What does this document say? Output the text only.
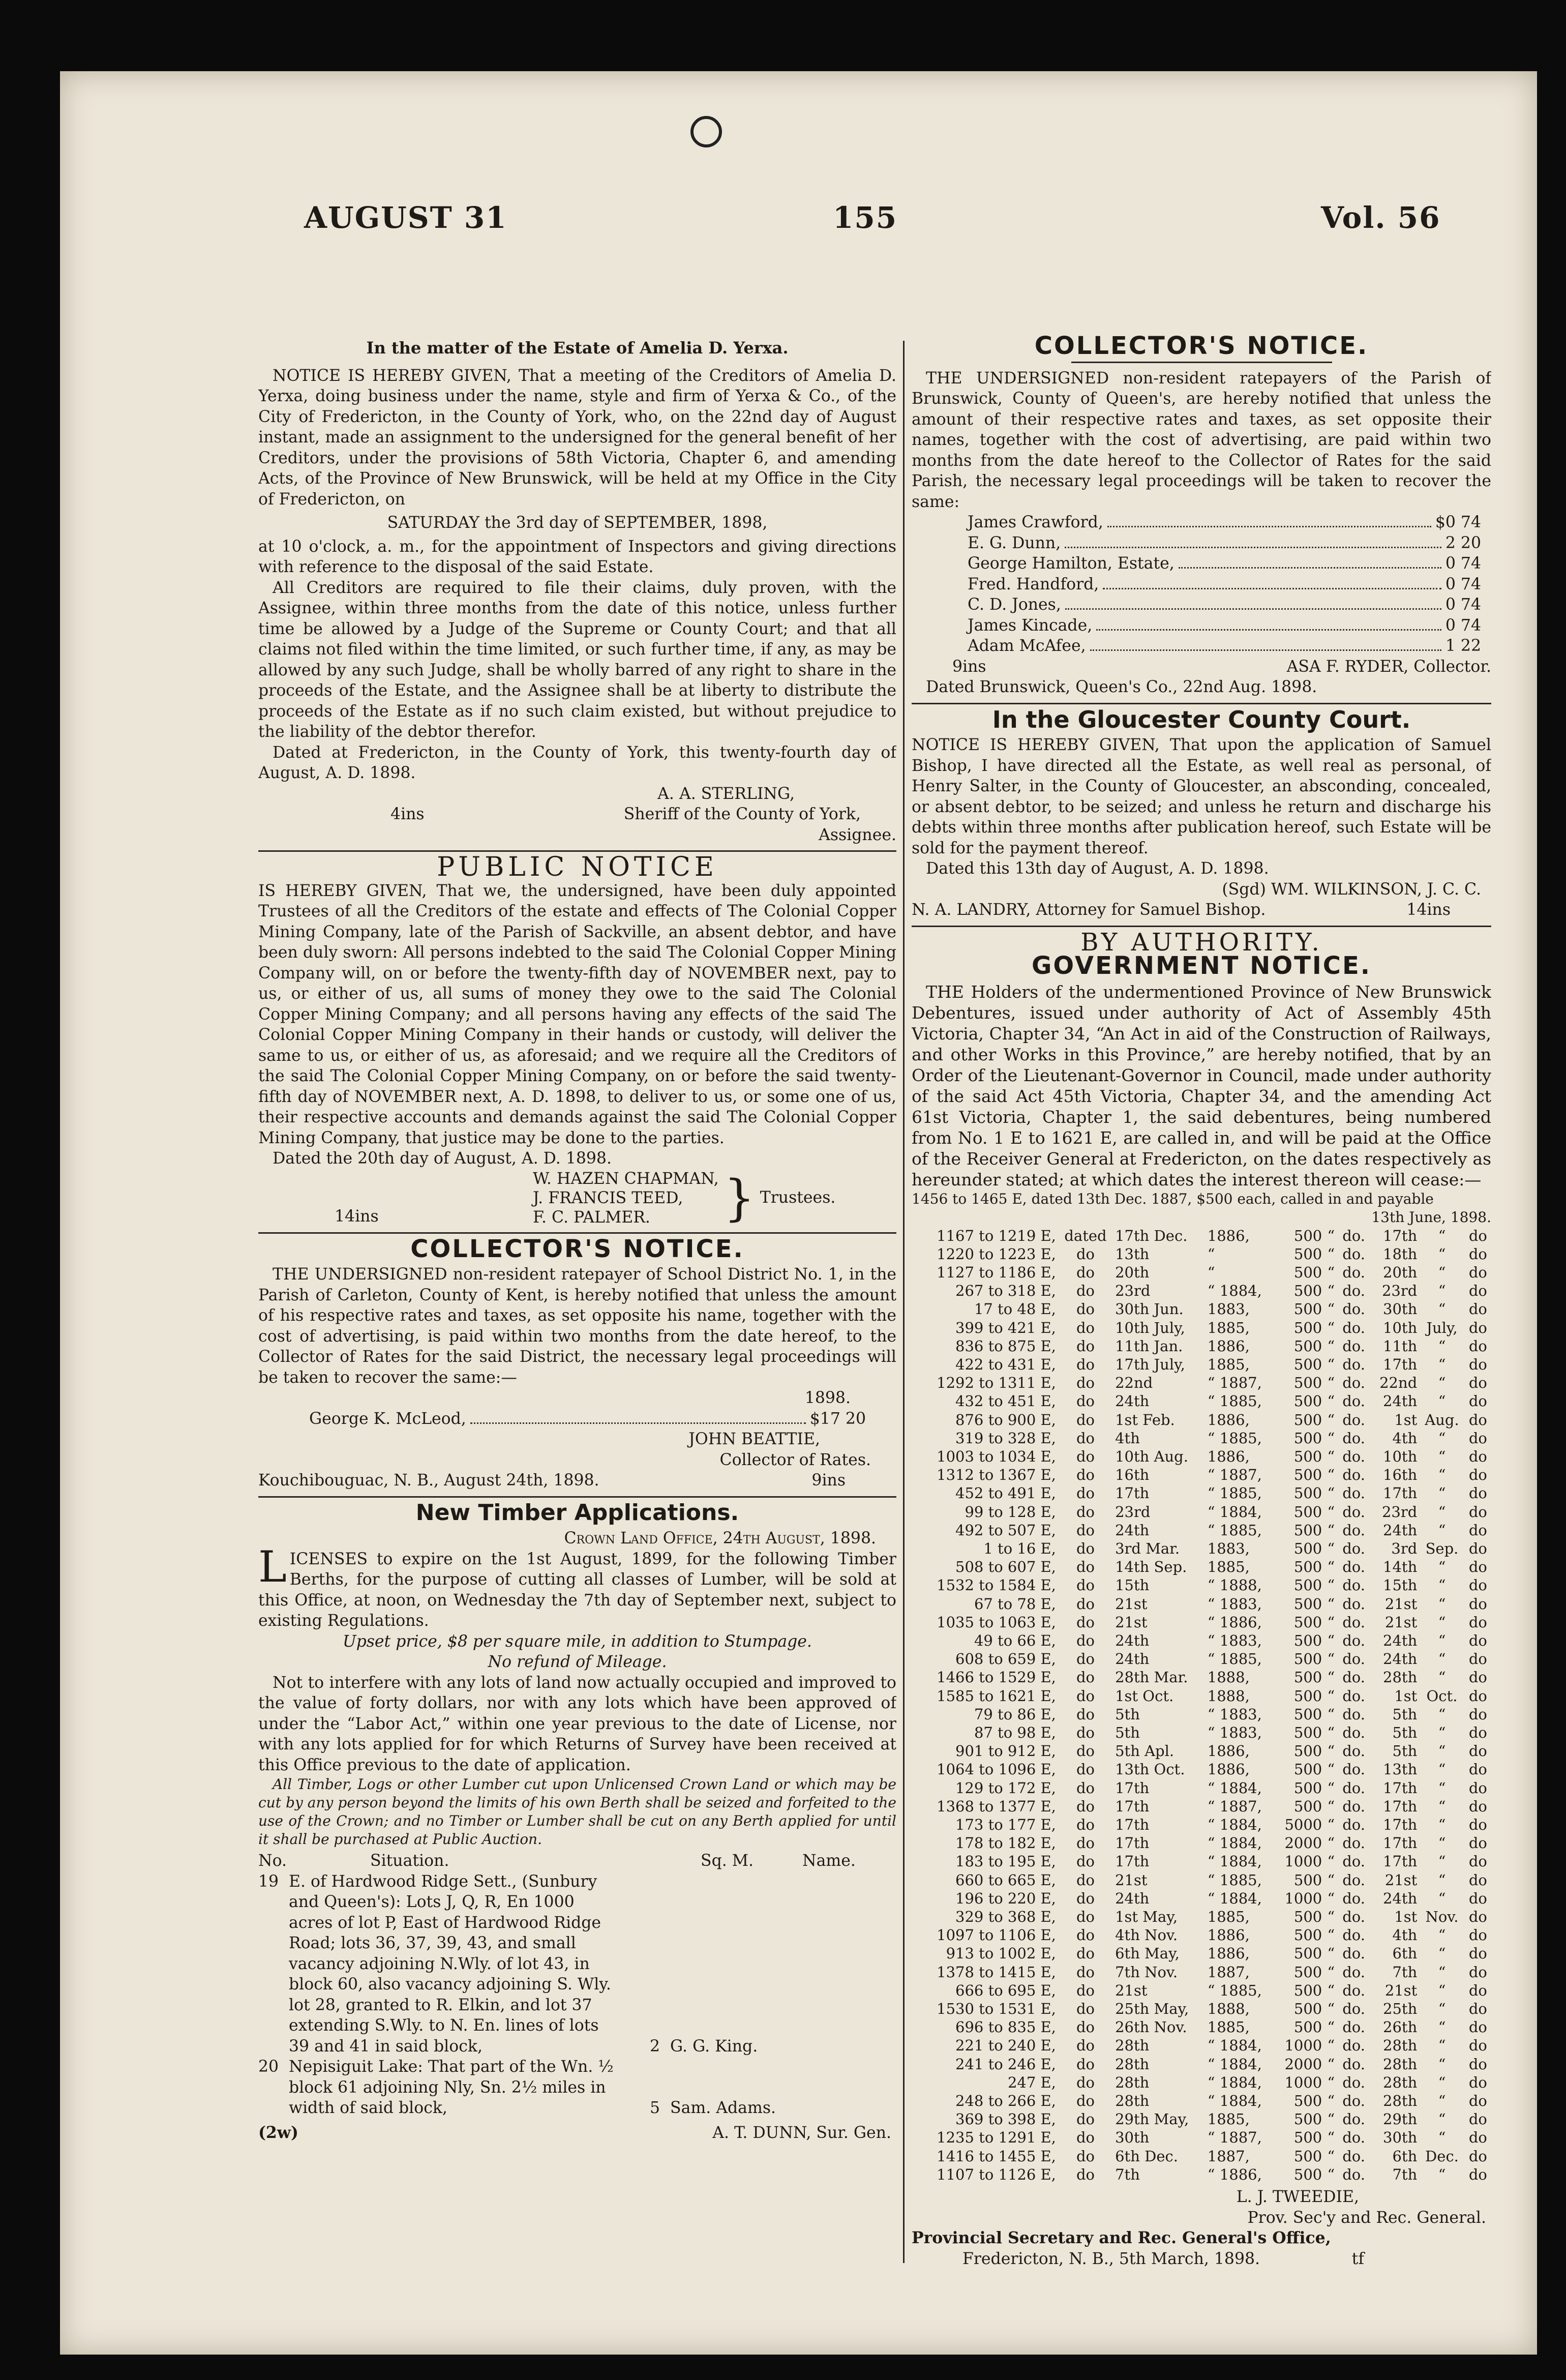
AUGUST 31	155	Vol. 56

In the matter of the Estate of Amelia D. Yerxa.

NOTICE IS HEREBY GIVEN, That a meeting of the Creditors of Amelia D. Yerxa, doing business under the name, style and firm of Yerxa & Co., of the City of Fredericton, in the County of York, who, on the 22nd day of August instant, made an assignment to the undersigned for the general benefit of her Creditors, under the provisions of 58th Victoria, Chapter 6, and amending Acts, of the Province of New Brunswick, will be held at my Office in the City of Fredericton, on

SATURDAY the 3rd day of SEPTEMBER, 1898,

at 10 o'clock, a. m., for the appointment of Inspectors and giving directions with reference to the disposal of the said Estate.

All Creditors are required to file their claims, duly proven, with the Assignee, within three months from the date of this notice, unless further time be allowed by a Judge of the Supreme or County Court; and that all claims not filed within the time limited, or such further time, if any, as may be allowed by any such Judge, shall be wholly barred of any right to share in the proceeds of the Estate, and the Assignee shall be at liberty to distribute the proceeds of the Estate as if no such claim existed, but without prejudice to the liability of the debtor therefor.

Dated at Fredericton, in the County of York, this twenty-fourth day of August, A. D. 1898.

A. A. STERLING,

4ins	Sheriff of the County of York,

Assignee.

PUBLIC NOTICE

IS HEREBY GIVEN, That we, the undersigned, have been duly appointed Trustees of all the Creditors of the estate and effects of The Colonial Copper Mining Company, late of the Parish of Sackville, an absent debtor, and have been duly sworn: All persons indebted to the said The Colonial Copper Mining Company will, on or before the twenty-fifth day of NOVEMBER next, pay to us, or either of us, all sums of money they owe to the said The Colonial Copper Mining Company; and all persons having any effects of the said The Colonial Copper Mining Company in their hands or custody, will deliver the same to us, or either of us, as aforesaid; and we require all the Creditors of the said The Colonial Copper Mining Company, on or before the said twenty-fifth day of NOVEMBER next, A. D. 1898, to deliver to us, or some one of us, their respective accounts and demands against the said The Colonial Copper Mining Company, that justice may be done to the parties.

Dated the 20th day of August, A. D. 1898.

14ins
W. HAZEN CHAPMAN,
J. FRANCIS TEED,
F. C. PALMER.	} Trustees.

COLLECTOR'S NOTICE.

THE UNDERSIGNED non-resident ratepayer of School District No. 1, in the Parish of Carleton, County of Kent, is hereby notified that unless the amount of his respective rates and taxes, as set opposite his name, together with the cost of advertising, is paid within two months from the date hereof, to the Collector of Rates for the said District, the necessary legal proceedings will be taken to recover the same:—

1898.

George K. McLeod,	$17 20

JOHN BEATTIE,

Collector of Rates.

Kouchibouguac, N. B., August 24th, 1898.	9ins

New Timber Applications.

Crown Land Office, 24th August, 1898.

LICENSES to expire on the 1st August, 1899, for the following Timber Berths, for the purpose of cutting all classes of Lumber, will be sold at this Office, at noon, on Wednesday the 7th day of September next, subject to existing Regulations.

Upset price, $8 per square mile, in addition to Stumpage.

No refund of Mileage.

Not to interfere with any lots of land now actually occupied and improved to the value of forty dollars, nor with any lots which have been approved of under the “Labor Act,” within one year previous to the date of License, nor with any lots applied for for which Returns of Survey have been received at this Office previous to the date of application.

All Timber, Logs or other Lumber cut upon Unlicensed Crown Land or which may be cut by any person beyond the limits of his own Berth shall be seized and forfeited to the use of the Crown; and no Timber or Lumber shall be cut on any Berth applied for until it shall be purchased at Public Auction.

No.	Situation.	Sq. M.	Name.
19 E. of Hardwood Ridge Sett., (Sunbury and Queen's): Lots J, Q, R, En 1000 acres of lot P, East of Hardwood Ridge Road; lots 36, 37, 39, 43, and small vacancy adjoining N.Wly. of lot 43, in block 60, also vacancy adjoining S. Wly. lot 28, granted to R. Elkin, and lot 37 extending S.Wly. to N. En. lines of lots 39 and 41 in said block,	2 G. G. King.
20 Nepisiguit Lake: That part of the Wn. ½ block 61 adjoining Nly, Sn. 2½ miles in width of said block,	5 Sam. Adams.
(2w)	A. T. DUNN, Sur. Gen.

COLLECTOR'S NOTICE.

THE UNDERSIGNED non-resident ratepayers of the Parish of Brunswick, County of Queen's, are hereby notified that unless the amount of their respective rates and taxes, as set opposite their names, together with the cost of advertising, are paid within two months from the date hereof to the Collector of Rates for the said Parish, the necessary legal proceedings will be taken to recover the same:

James Crawford,	$0 74
E. G. Dunn,	2 20
George Hamilton, Estate,	0 74
Fred. Handford,	0 74
C. D. Jones,	0 74
James Kincade,	0 74
Adam McAfee,	1 22
9ins	ASA F. RYDER, Collector.

Dated Brunswick, Queen's Co., 22nd Aug. 1898.

In the Gloucester County Court.

NOTICE IS HEREBY GIVEN, That upon the application of Samuel Bishop, I have directed all the Estate, as well real as personal, of Henry Salter, in the County of Gloucester, an absconding, concealed, or absent debtor, to be seized; and unless he return and discharge his debts within three months after publication hereof, such Estate will be sold for the payment thereof.

Dated this 13th day of August, A. D. 1898.

(Sgd) WM. WILKINSON, J. C. C.

N. A. LANDRY, Attorney for Samuel Bishop.	14ins

BY AUTHORITY.

GOVERNMENT NOTICE.

THE Holders of the undermentioned Province of New Brunswick Debentures, issued under authority of Act of Assembly 45th Victoria, Chapter 34, “An Act in aid of the Construction of Railways, and other Works in this Province,” are hereby notified, that by an Order of the Lieutenant-Governor in Council, made under authority of the said Act 45th Victoria, Chapter 34, and the amending Act 61st Victoria, Chapter 1, the said debentures, being numbered from No. 1 E to 1621 E, are called in, and will be paid at the Office of the Receiver General at Fredericton, on the dates respectively as hereunder stated; at which dates the interest thereon will cease:—

1456 to 1465 E, dated 13th Dec. 1887, $500 each, called in and payable

13th June, 1898.

1167 to 1219 E,	dated	17th Dec.	1886,	500	“	do.	17th	“	do
1220 to 1223 E,	do	13th	“	500	“	do.	18th	“	do
1127 to 1186 E,	do	20th	“	500	“	do.	20th	“	do
267 to 318 E,	do	23rd	“ 1884,	500	“	do.	23rd	“	do
17 to 48 E,	do	30th Jun.	1883,	500	“	do.	30th	“	do
399 to 421 E,	do	10th July,	1885,	500	“	do.	10th	July,	do
836 to 875 E,	do	11th Jan.	1886,	500	“	do.	11th	“	do
422 to 431 E,	do	17th July,	1885,	500	“	do.	17th	“	do
1292 to 1311 E,	do	22nd	“ 1887,	500	“	do.	22nd	“	do
432 to 451 E,	do	24th	“ 1885,	500	“	do.	24th	“	do
876 to 900 E,	do	1st Feb.	1886,	500	“	do.	1st	Aug.	do
319 to 328 E,	do	4th	“ 1885,	500	“	do.	4th	“	do
1003 to 1034 E,	do	10th Aug.	1886,	500	“	do.	10th	“	do
1312 to 1367 E,	do	16th	“ 1887,	500	“	do.	16th	“	do
452 to 491 E,	do	17th	“ 1885,	500	“	do.	17th	“	do
99 to 128 E,	do	23rd	“ 1884,	500	“	do.	23rd	“	do
492 to 507 E,	do	24th	“ 1885,	500	“	do.	24th	“	do
1 to 16 E,	do	3rd Mar.	1883,	500	“	do.	3rd	Sep.	do
508 to 607 E,	do	14th Sep.	1885,	500	“	do.	14th	“	do
1532 to 1584 E,	do	15th	“ 1888,	500	“	do.	15th	“	do
67 to 78 E,	do	21st	“ 1883,	500	“	do.	21st	“	do
1035 to 1063 E,	do	21st	“ 1886,	500	“	do.	21st	“	do
49 to 66 E,	do	24th	“ 1883,	500	“	do.	24th	“	do
608 to 659 E,	do	24th	“ 1885,	500	“	do.	24th	“	do
1466 to 1529 E,	do	28th Mar.	1888,	500	“	do.	28th	“	do
1585 to 1621 E,	do	1st Oct.	1888,	500	“	do.	1st	Oct.	do
79 to 86 E,	do	5th	“ 1883,	500	“	do.	5th	“	do
87 to 98 E,	do	5th	“ 1883,	500	“	do.	5th	“	do
901 to 912 E,	do	5th Apl.	1886,	500	“	do.	5th	“	do
1064 to 1096 E,	do	13th Oct.	1886,	500	“	do.	13th	“	do
129 to 172 E,	do	17th	“ 1884,	500	“	do.	17th	“	do
1368 to 1377 E,	do	17th	“ 1887,	500	“	do.	17th	“	do
173 to 177 E,	do	17th	“ 1884,	5000	“	do.	17th	“	do
178 to 182 E,	do	17th	“ 1884,	2000	“	do.	17th	“	do
183 to 195 E,	do	17th	“ 1884,	1000	“	do.	17th	“	do
660 to 665 E,	do	21st	“ 1885,	500	“	do.	21st	“	do
196 to 220 E,	do	24th	“ 1884,	1000	“	do.	24th	“	do
329 to 368 E,	do	1st May,	1885,	500	“	do.	1st	Nov.	do
1097 to 1106 E,	do	4th Nov.	1886,	500	“	do.	4th	“	do
913 to 1002 E,	do	6th May,	1886,	500	“	do.	6th	“	do
1378 to 1415 E,	do	7th Nov.	1887,	500	“	do.	7th	“	do
666 to 695 E,	do	21st	“ 1885,	500	“	do.	21st	“	do
1530 to 1531 E,	do	25th May,	1888,	500	“	do.	25th	“	do
696 to 835 E,	do	26th Nov.	1885,	500	“	do.	26th	“	do
221 to 240 E,	do	28th	“ 1884,	1000	“	do.	28th	“	do
241 to 246 E,	do	28th	“ 1884,	2000	“	do.	28th	“	do
247 E,	do	28th	“ 1884,	1000	“	do.	28th	“	do
248 to 266 E,	do	28th	“ 1884,	500	“	do.	28th	“	do
369 to 398 E,	do	29th May,	1885,	500	“	do.	29th	“	do
1235 to 1291 E,	do	30th	“ 1887,	500	“	do.	30th	“	do
1416 to 1455 E,	do	6th Dec.	1887,	500	“	do.	6th	Dec.	do
1107 to 1126 E,	do	7th	“ 1886,	500	“	do.	7th	“	do

L. J. TWEEDIE,

Prov. Sec'y and Rec. General.

Provincial Secretary and Rec. General's Office,

Fredericton, N. B., 5th March, 1898.	tf
